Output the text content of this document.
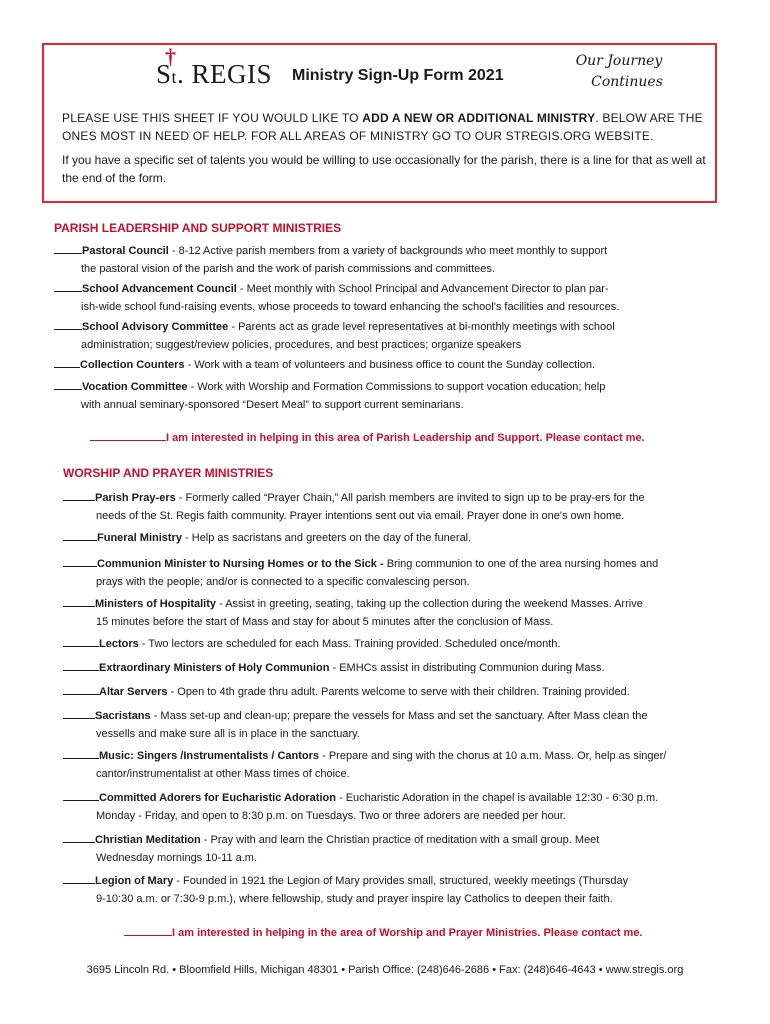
S
†
t. REGIS Ministry Sign-Up Form 2021
Our Journey
Continues

PLEASE USE THIS SHEET IF YOU WOULD LIKE TO ADD A NEW OR ADDITIONAL MINISTRY. BELOW ARE THE ONES MOST IN NEED OF HELP. FOR ALL AREAS OF MINISTRY GO TO OUR STREGIS.ORG WEBSITE.

If you have a specific set of talents you would be willing to use occasionally for the parish, there is a line for that as well at the end of the form.

PARISH LEADERSHIP AND SUPPORT MINISTRIES
Pastoral Council - 8-12 Active parish members from a variety of backgrounds who meet monthly to support
the pastoral vision of the parish and the work of parish commissions and committees.
School Advancement Council - Meet monthly with School Principal and Advancement Director to plan par-
ish-wide school fund-raising events, whose proceeds to toward enhancing the school's facilities and resources.
School Advisory Committee - Parents act as grade level representatives at bi-monthly meetings with school
administration; suggest/review policies, procedures, and best practices; organize speakers
Collection Counters - Work with a team of volunteers and business office to count the Sunday collection.
Vocation Committee - Work with Worship and Formation Commissions to support vocation education; help
with annual seminary-sponsored “Desert Meal” to support current seminarians.
I am interested in helping in this area of Parish Leadership and Support. Please contact me.
WORSHIP AND PRAYER MINISTRIES
Parish Pray-ers - Formerly called “Prayer Chain,” All parish members are invited to sign up to be pray-ers for the
needs of the St. Regis faith community. Prayer intentions sent out via email. Prayer done in one's own home.
Funeral Ministry - Help as sacristans and greeters on the day of the funeral.
Communion Minister to Nursing Homes or to the Sick - Bring communion to one of the area nursing homes and
prays with the people; and/or is connected to a specific convalescing person.
Ministers of Hospitality - Assist in greeting, seating, taking up the collection during the weekend Masses. Arrive
15 minutes before the start of Mass and stay for about 5 minutes after the conclusion of Mass.
Lectors - Two lectors are scheduled for each Mass. Training provided. Scheduled once/month.
Extraordinary Ministers of Holy Communion - EMHCs assist in distributing Communion during Mass.
Altar Servers - Open to 4th grade thru adult. Parents welcome to serve with their children. Training provided.
Sacristans - Mass set-up and clean-up; prepare the vessels for Mass and set the sanctuary. After Mass clean the
vessells and make sure all is in place in the sanctuary.
Music: Singers /Instrumentalists / Cantors - Prepare and sing with the chorus at 10 a.m. Mass. Or, help as singer/
cantor/instrumentalist at other Mass times of choice.
Committed Adorers for Eucharistic Adoration - Eucharistic Adoration in the chapel is available 12:30 - 6:30 p.m.
Monday - Friday, and open to 8:30 p.m. on Tuesdays. Two or three adorers are needed per hour.
Christian Meditation - Pray with and learn the Christian practice of meditation with a small group. Meet
Wednesday mornings 10-11 a.m.
Legion of Mary - Founded in 1921 the Legion of Mary provides small, structured, weekly meetings (Thursday
9-10:30 a.m. or 7:30-9 p.m.), where fellowship, study and prayer inspire lay Catholics to deepen their faith.
I am interested in helping in the area of Worship and Prayer Ministries. Please contact me.
3695 Lincoln Rd. • Bloomfield Hills, Michigan 48301 • Parish Office: (248)646-2686 • Fax: (248)646-4643 • www.stregis.org
